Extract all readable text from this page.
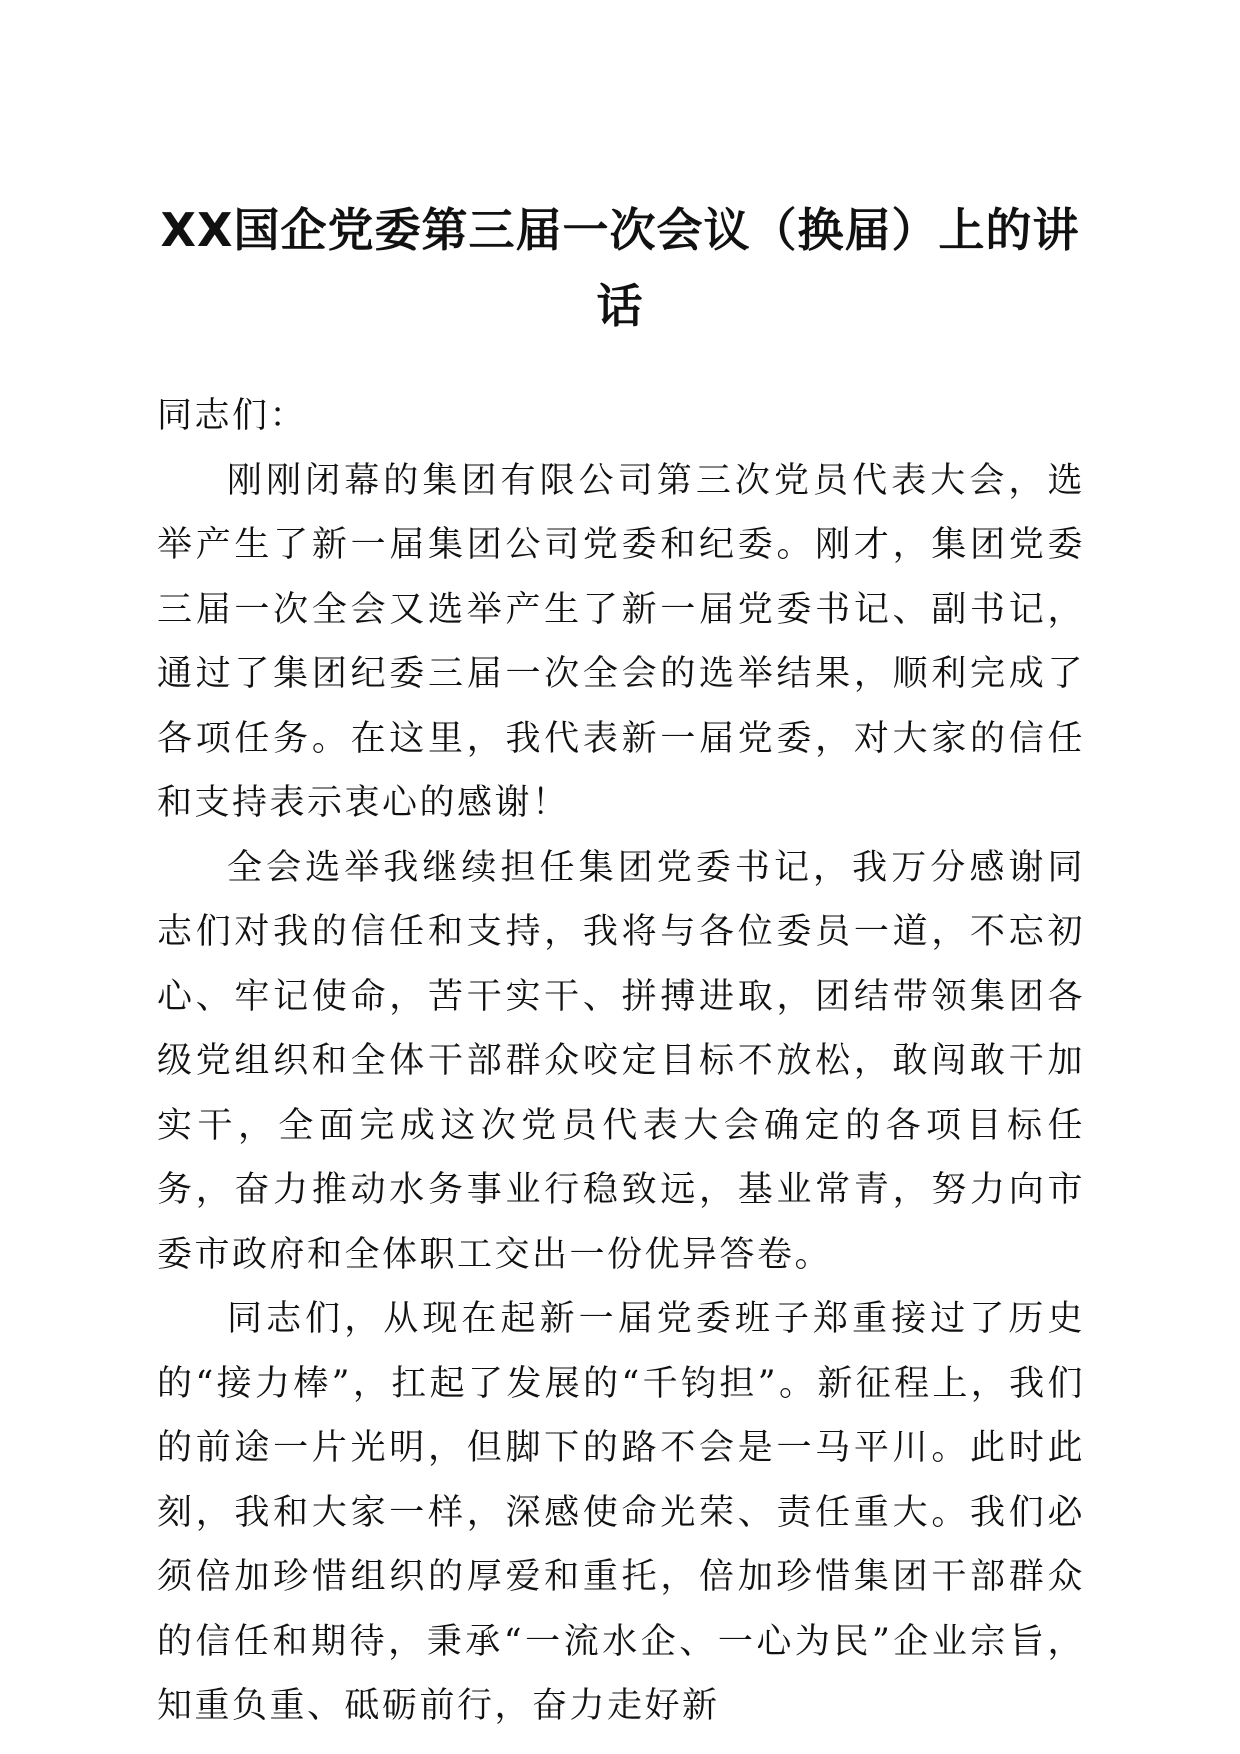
XX国企党委第三届一次会议（换届）上的讲话

同志们：

刚刚闭幕的集团有限公司第三次党员代表大会，选举产生了新一届集团公司党委和纪委。刚才，集团党委三届一次全会又选举产生了新一届党委书记、副书记，通过了集团纪委三届一次全会的选举结果，顺利完成了各项任务。在这里，我代表新一届党委，对大家的信任和支持表示衷心的感谢！

全会选举我继续担任集团党委书记，我万分感谢同志们对我的信任和支持，我将与各位委员一道，不忘初心、牢记使命，苦干实干、拼搏进取，团结带领集团各级党组织和全体干部群众咬定目标不放松，敢闯敢干加实干，全面完成这次党员代表大会确定的各项目标任务，奋力推动水务事业行稳致远，基业常青，努力向市委市政府和全体职工交出一份优异答卷。

同志们，从现在起新一届党委班子郑重接过了历史的“接力棒”，扛起了发展的“千钧担”。新征程上，我们的前途一片光明，但脚下的路不会是一马平川。此时此刻，我和大家一样，深感使命光荣、责任重大。我们必须倍加珍惜组织的厚爱和重托，倍加珍惜集团干部群众的信任和期待，秉承“一流水企、一心为民”企业宗旨，知重负重、砥砺前行，奋力走好新
